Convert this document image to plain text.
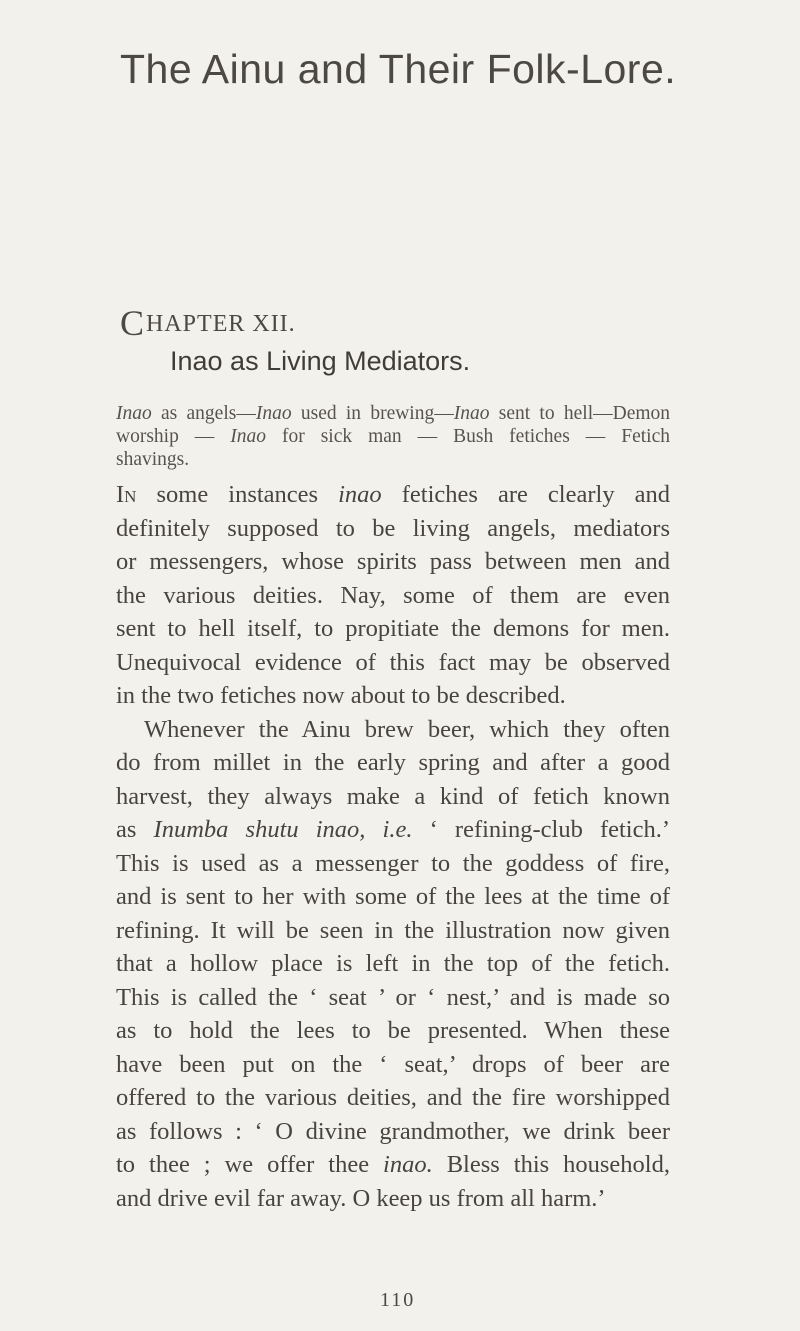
The Ainu and Their Folk-Lore.
CHAPTER XII.
Inao as Living Mediators.
Inao as angels—Inao used in brewing—Inao sent to hell—Demon
worship — Inao for sick man — Bush fetiches — Fetich
shavings.
In some instances inao fetiches are clearly and
definitely supposed to be living angels, mediators
or messengers, whose spirits pass between men and
the various deities. Nay, some of them are even
sent to hell itself, to propitiate the demons for men.
Unequivocal evidence of this fact may be observed
in the two fetiches now about to be described.
Whenever the Ainu brew beer, which they often
do from millet in the early spring and after a good
harvest, they always make a kind of fetich known
as Inumba shutu inao, i.e. ‘ refining-club fetich.’
This is used as a messenger to the goddess of fire,
and is sent to her with some of the lees at the time of
refining. It will be seen in the illustration now given
that a hollow place is left in the top of the fetich.
This is called the ‘ seat ’ or ‘ nest,’ and is made so
as to hold the lees to be presented. When these
have been put on the ‘ seat,’ drops of beer are
offered to the various deities, and the fire worshipped
as follows : ‘ O divine grandmother, we drink beer
to thee ; we offer thee inao. Bless this household,
and drive evil far away. O keep us from all harm.’
110
